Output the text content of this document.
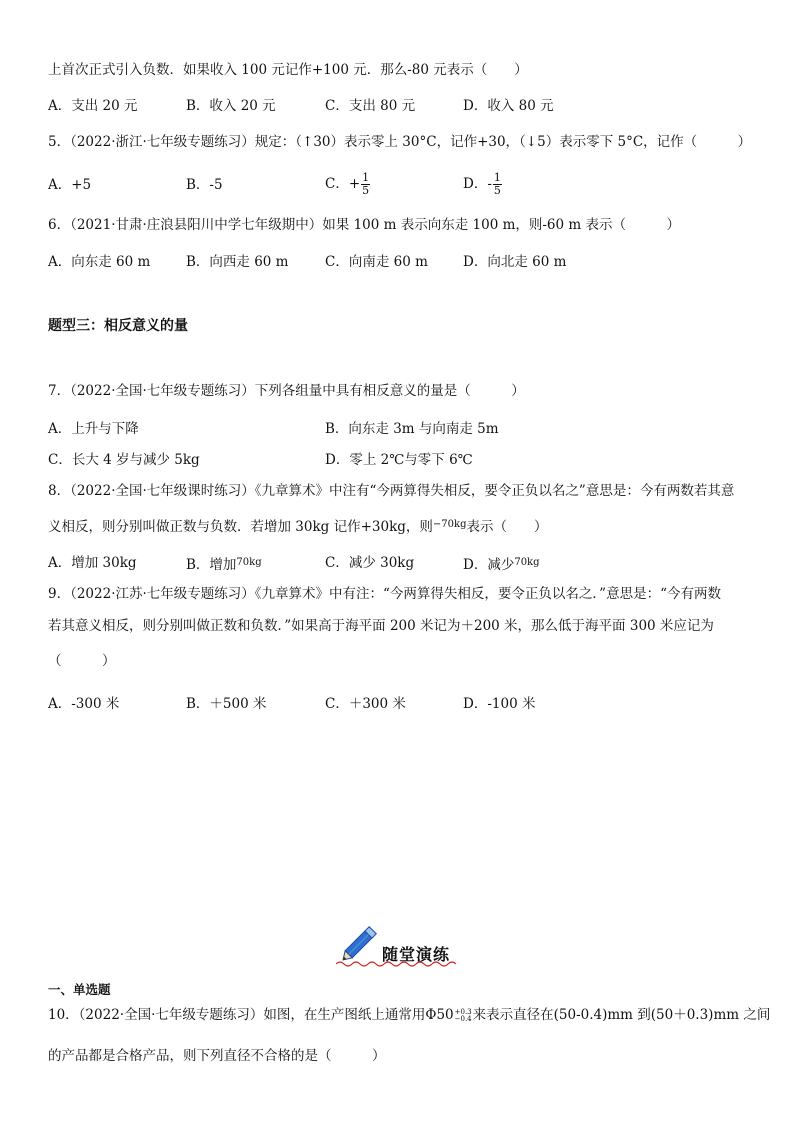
上首次正式引入负数．如果收入 100 元记作+100 元．那么-80 元表示（　　）
A．支出 20 元	B．收入 20 元	C．支出 80 元	D．收入 80 元
5．（2022·浙江·七年级专题练习）规定：（↑30）表示零上 30°C，记作+30，（↓5）表示零下 5°C，记作（　　　）
A．+5	B．-5	C．+ $\frac{1}{5}$	D．- $\frac{1}{5}$
6．（2021·甘肃·庄浪县阳川中学七年级期中）如果 100 m 表示向东走 100 m，则-60 m 表示（　　　）
A．向东走 60 m	B．向西走 60 m	C．向南走 60 m	D．向北走 60 m
题型三：相反意义的量
7．（2022·全国·七年级专题练习）下列各组量中具有相反意义的量是（　　　）
A．上升与下降	B．向东走 3m 与向南走 5m
C．长大 4 岁与减少 5kg	D．零上 2℃与零下 6℃
8．（2022·全国·七年级课时练习）《九章算术》中注有“今两算得失相反，要令正负以名之”意思是：今有两数若其意
义相反，则分别叫做正数与负数．若增加 30kg 记作+30kg，则$^{-70kg}$表示（　　）
A．增加 30kg	B．增加$^{70kg}$	C．减少 30kg	D．减少$^{70kg}$
9．（2022·江苏·七年级专题练习）《九章算术》中有注：“今两算得失相反，要令正负以名之．”意思是：“今有两数
若其意义相反，则分别叫做正数和负数．”如果高于海平面 200 米记为＋200 米，那么低于海平面 300 米应记为
（　　　）
A．-300 米	B．＋500 米	C．＋300 米	D．-100 米
随堂演练
一、单选题
10．（2022·全国·七年级专题练习）如图，在生产图纸上通常用Φ50 +0.3
−0.4 来表示直径在(50-0.4)mm 到(50＋0.3)mm 之间
的产品都是合格产品，则下列直径不合格的是（　　　）
